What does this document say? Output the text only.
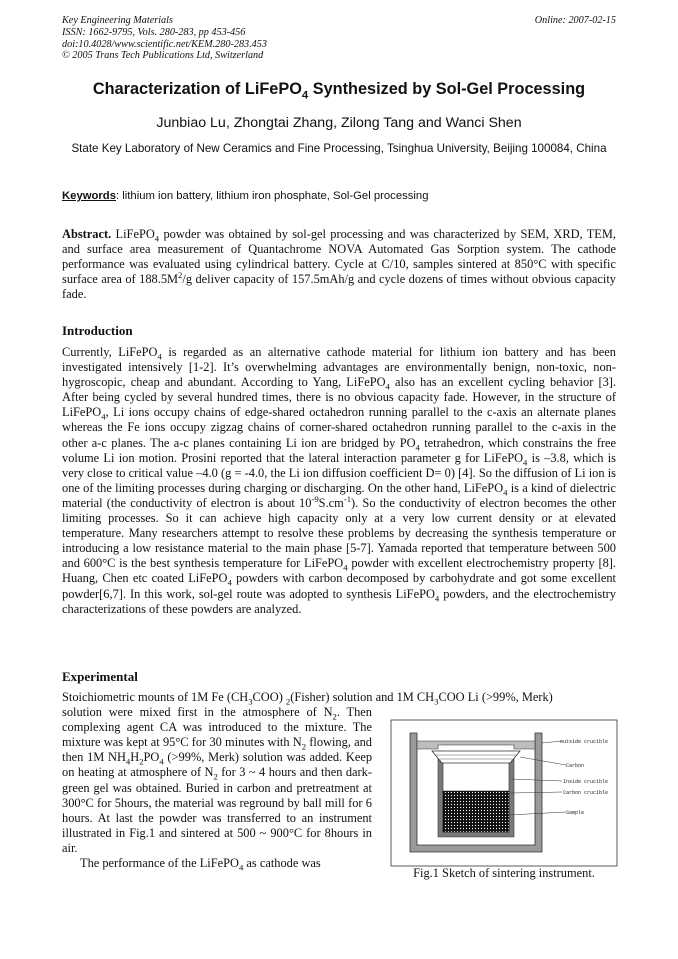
Key Engineering Materials
ISSN: 1662-9795, Vols. 280-283, pp 453-456
doi:10.4028/www.scientific.net/KEM.280-283.453
© 2005 Trans Tech Publications Ltd, Switzerland
Online: 2007-02-15
Characterization of LiFePO$_4$ Synthesized by Sol-Gel Processing
Junbiao Lu, Zhongtai Zhang, Zilong Tang and Wanci Shen
State Key Laboratory of New Ceramics and Fine Processing, Tsinghua University, Beijing 100084, China
Keywords: lithium ion battery, lithium iron phosphate, Sol-Gel processing
Abstract. LiFePO$_4$ powder was obtained by sol-gel processing and was characterized by SEM, XRD, TEM, and surface area measurement of Quantachrome NOVA Automated Gas Sorption system. The cathode performance was evaluated using cylindrical battery. Cycle at C/10, samples sintered at 850°C with specific surface area of $188.5M^2/g$ deliver capacity of 157.5mAh/g and cycle dozens of times without obvious capacity fade.
Introduction
Currently, LiFePO$_4$ is regarded as an alternative cathode material for lithium ion battery and has been investigated intensively [1-2]. It’s overwhelming advantages are environmentally benign, non-toxic, non-hygroscopic, cheap and abundant. According to Yang, LiFePO$_4$ also has an excellent cycling behavior [3]. After being cycled by several hundred times, there is no obvious capacity fade. However, in the structure of LiFePO$_4$, Li ions occupy chains of edge-shared octahedron running parallel to the c-axis an alternate planes whereas the Fe ions occupy zigzag chains of corner-shared octahedron running parallel to the c-axis in the other a-c planes. The a-c planes containing Li ion are bridged by $PO_4$ tetrahedron, which constrains the free volume Li ion motion. Prosini reported that the lateral interaction parameter g for LiFePO$_4$ is –3.8, which is very close to critical value –4.0 (g = -4.0, the Li ion diffusion coefficient D= 0) [4]. So the diffusion of Li ion is one of the limiting processes during charging or discharging. On the other hand, LiFePO$_4$ is a kind of dielectric material (the conductivity of electron is about $10^{-9}S.cm^{-1}$). So the conductivity of electron becomes the other limiting processes. So it can achieve high capacity only at a very low current density or at elevated temperature. Many researchers attempt to resolve these problems by decreasing the synthesis temperature or introducing a low resistance material to the main phase [5-7]. Yamada reported that temperature between 500 and 600°C is the best synthesis temperature for LiFePO$_4$ powder with excellent electrochemistry property [8]. Huang, Chen etc coated LiFePO$_4$ powders with carbon decomposed by carbohydrate and got some excellent powder[6,7]. In this work, sol-gel route was adopted to synthesis LiFePO$_4$ powders, and the electrochemistry characterizations of these powders are analyzed.
Experimental
Stoichiometric mounts of 1M Fe $(CH_3COO)$ $_2$(Fisher) solution and 1M $CH_3COO$ Li (>99%, Merk)
solution were mixed first in the atmosphere of $N_2$. Then complexing agent CA was introduced to the mixture. The mixture was kept at 95°C for 30 minutes with $N_2$ flowing, and then 1M $NH_4H_2PO_4$ (>99%, Merk) solution was added. Keep on heating at atmosphere of $N_2$ for 3 ~ 4 hours and then dark-green gel was obtained. Buried in carbon and pretreatment at 300°C for 5hours, the material was reground by ball mill for 6 hours. At last the powder was transferred to an instrument illustrated in Fig.1 and sintered at 500 ~ 900°C for 8hours in air.
The performance of the LiFePO$_4$ as cathode was
outside crucible
Carbon
Inside crucible
Carbon crucible
Sample
Fig.1 Sketch of sintering instrument.
